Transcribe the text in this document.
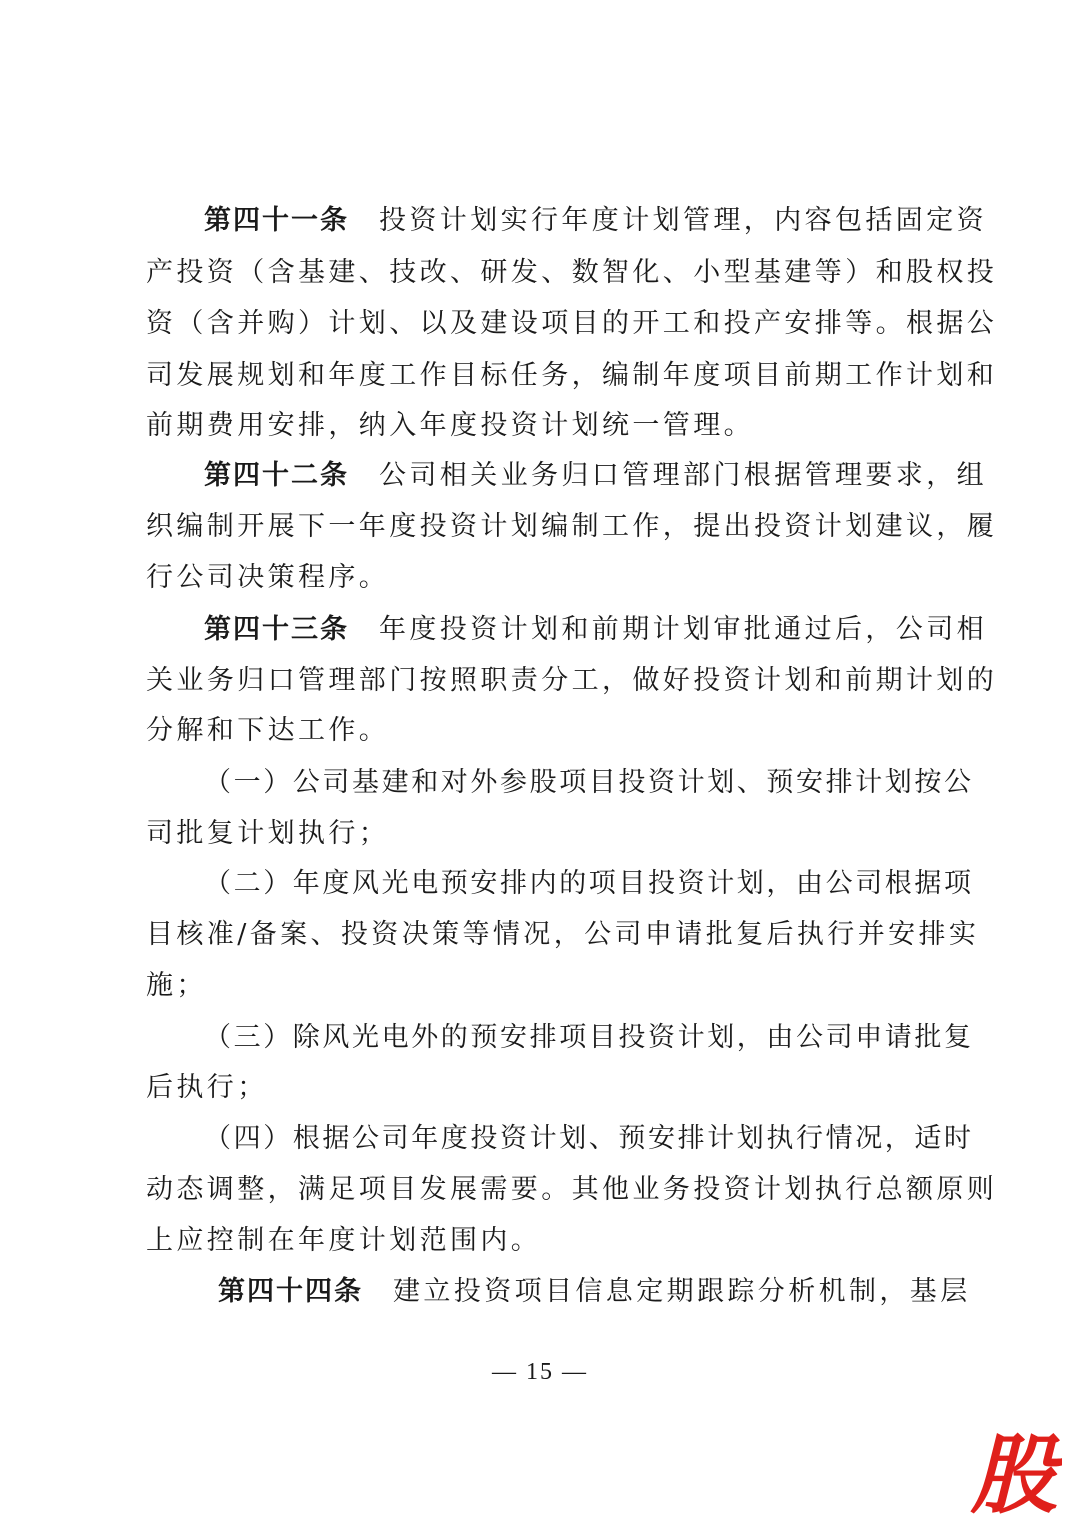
第四十一条 投资计划实行年度计划管理，内容包括固定资
产投资（含基建、技改、研发、数智化、小型基建等）和股权投
资（含并购）计划、以及建设项目的开工和投产安排等。根据公
司发展规划和年度工作目标任务，编制年度项目前期工作计划和
前期费用安排，纳入年度投资计划统一管理。
第四十二条 公司相关业务归口管理部门根据管理要求，组
织编制开展下一年度投资计划编制工作，提出投资计划建议，履
行公司决策程序。
第四十三条 年度投资计划和前期计划审批通过后，公司相
关业务归口管理部门按照职责分工，做好投资计划和前期计划的
分解和下达工作。
（一）公司基建和对外参股项目投资计划、预安排计划按公
司批复计划执行；
（二）年度风光电预安排内的项目投资计划，由公司根据项
目核准/备案、投资决策等情况，公司申请批复后执行并安排实
施；
（三）除风光电外的预安排项目投资计划，由公司申请批复
后执行；
（四）根据公司年度投资计划、预安排计划执行情况，适时
动态调整，满足项目发展需要。其他业务投资计划执行总额原则
上应控制在年度计划范围内。
第四十四条 建立投资项目信息定期跟踪分析机制，基层
— 15 —
股
